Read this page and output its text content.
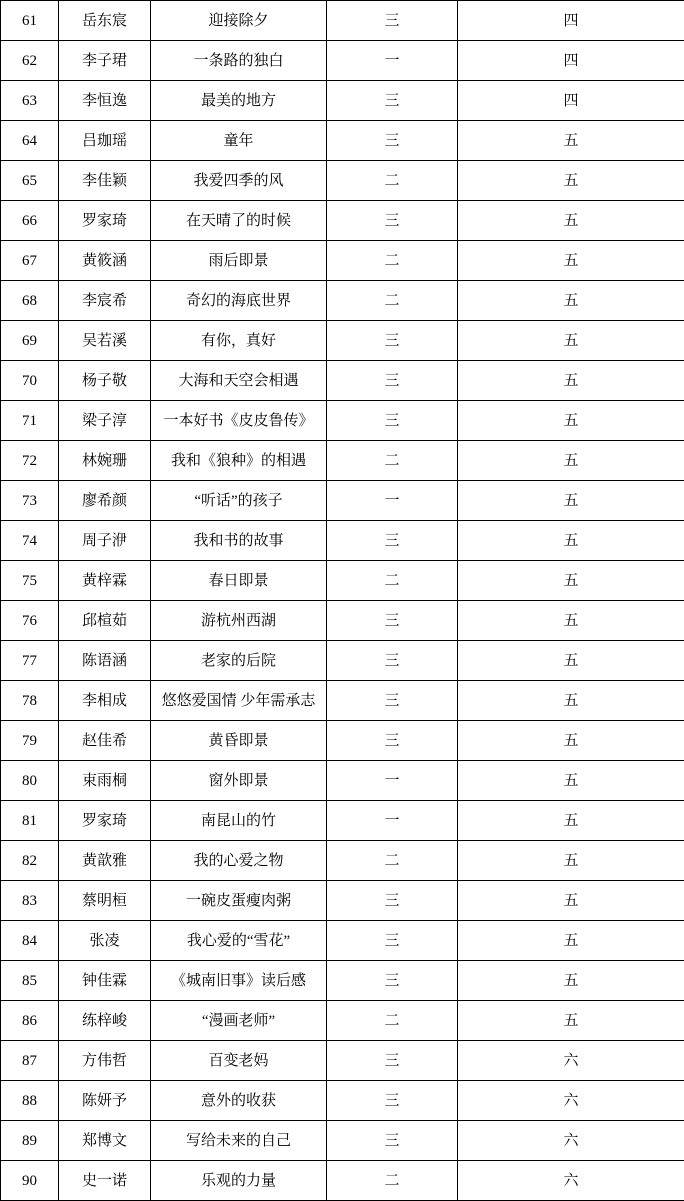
61	岳东宸	迎接除夕	三	四
62	李子珺	一条路的独白	一	四
63	李恒逸	最美的地方	三	四
64	吕珈瑶	童年	三	五
65	李佳颖	我爱四季的风	二	五
66	罗家琦	在天晴了的时候	三	五
67	黄筱涵	雨后即景	二	五
68	李宸希	奇幻的海底世界	二	五
69	吴若溪	有你，真好	三	五
70	杨子敬	大海和天空会相遇	三	五
71	梁子淳	一本好书《皮皮鲁传》	三	五
72	林婉珊	我和《狼种》的相遇	二	五
73	廖希颜	“听话”的孩子	一	五
74	周子洢	我和书的故事	三	五
75	黄梓霖	春日即景	二	五
76	邱楦茹	游杭州西湖	三	五
77	陈语涵	老家的后院	三	五
78	李相成	悠悠爱国情 少年需承志	三	五
79	赵佳希	黄昏即景	三	五
80	束雨桐	窗外即景	一	五
81	罗家琦	南昆山的竹	一	五
82	黄歆雅	我的心爱之物	二	五
83	蔡明桓	一碗皮蛋瘦肉粥	三	五
84	张凌	我心爱的“雪花”	三	五
85	钟佳霖	《城南旧事》读后感	三	五
86	练梓峻	“漫画老师”	二	五
87	方伟哲	百变老妈	三	六
88	陈妍予	意外的收获	三	六
89	郑博文	写给未来的自己	三	六
90	史一诺	乐观的力量	二	六
